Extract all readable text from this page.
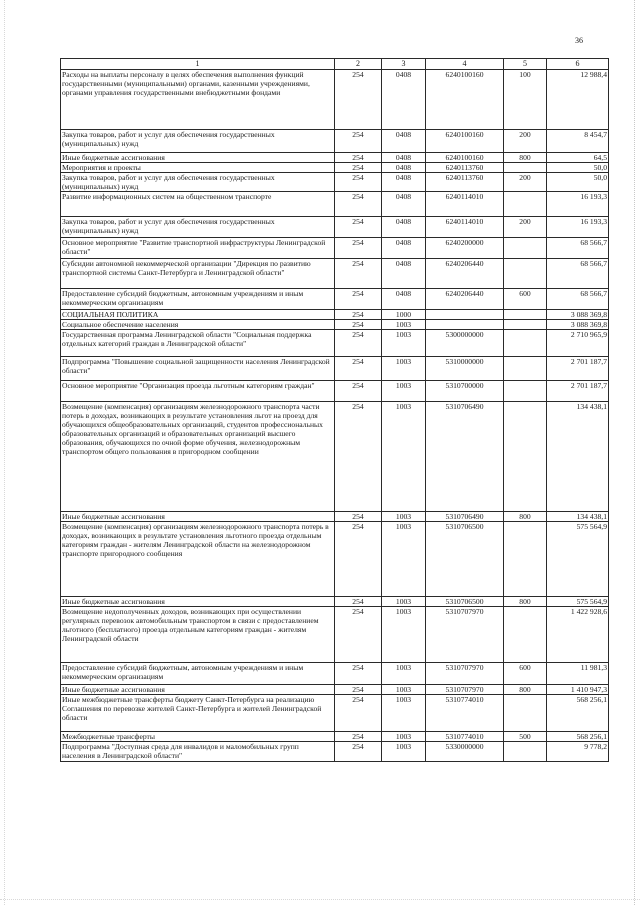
36
1	2	3	4	5	6
Расходы на выплаты персоналу в целях обеспечения выполнения функций государственными (муниципальными) органами, казенными учреждениями, органами управления государственными внебюджетными фондами	254	0408	6240100160	100	12 988,4
Закупка товаров, работ и услуг для обеспечения государственных (муниципальных) нужд	254	0408	6240100160	200	8 454,7
Иные бюджетные ассигнования	254	0408	6240100160	800	64,5
Мероприятия и проекты	254	0408	6240113760		50,0
Закупка товаров, работ и услуг для обеспечения государственных (муниципальных) нужд	254	0408	6240113760	200	50,0
Развитие информационных систем на общественном транспорте	254	0408	6240114010		16 193,3
Закупка товаров, работ и услуг для обеспечения государственных (муниципальных) нужд	254	0408	6240114010	200	16 193,3
Основное мероприятие "Развитие транспортной инфраструктуры Ленинградской области"	254	0408	6240200000		68 566,7
Субсидии автономной некоммерческой организации "Дирекция по развитию транспортной системы Санкт-Петербурга и Ленинградской области"	254	0408	6240206440		68 566,7
Предоставление субсидий бюджетным, автономным учреждениям и иным некоммерческим организациям	254	0408	6240206440	600	68 566,7
СОЦИАЛЬНАЯ ПОЛИТИКА	254	1000			3 088 369,8
Социальное обеспечение населения	254	1003			3 088 369,8
Государственная программа Ленинградской области "Социальная поддержка отдельных категорий граждан в Ленинградской области"	254	1003	5300000000		2 710 965,9
Подпрограмма "Повышение социальной защищенности населения Ленинградской области"	254	1003	5310000000		2 701 187,7
Основное мероприятие "Организация проезда льготным категориям граждан"	254	1003	5310700000		2 701 187,7
Возмещение (компенсация) организациям железнодорожного транспорта части потерь в доходах, возникающих в результате установления льгот на проезд для обучающихся общеобразовательных организаций, студентов профессиональных образовательных организаций и образовательных организаций высшего образования, обучающихся по очной форме обучения, железнодорожным транспортом общего пользования в пригородном сообщении	254	1003	5310706490		134 438,1
Иные бюджетные ассигнования	254	1003	5310706490	800	134 438,1
Возмещение (компенсация) организациям железнодорожного транспорта потерь в доходах, возникающих в результате установления льготного проезда отдельным категориям граждан - жителям Ленинградской области на железнодорожном транспорте пригородного сообщения	254	1003	5310706500		575 564,9
Иные бюджетные ассигнования	254	1003	5310706500	800	575 564,9
Возмещение недополученных доходов, возникающих при осуществлении регулярных перевозок автомобильным транспортом в связи с предоставлением льготного (бесплатного) проезда отдельным категориям граждан - жителям Ленинградской области	254	1003	5310707970		1 422 928,6
Предоставление субсидий бюджетным, автономным учреждениям и иным некоммерческим организациям	254	1003	5310707970	600	11 981,3
Иные бюджетные ассигнования	254	1003	5310707970	800	1 410 947,3
Иные межбюджетные трансферты бюджету Санкт-Петербурга на реализацию Соглашения по перевозке жителей Санкт-Петербурга и жителей Ленинградской области	254	1003	5310774010		568 256,1
Межбюджетные трансферты	254	1003	5310774010	500	568 256,1
Подпрограмма "Доступная среда для инвалидов и маломобильных групп населения в Ленинградской области"	254	1003	5330000000		9 778,2
